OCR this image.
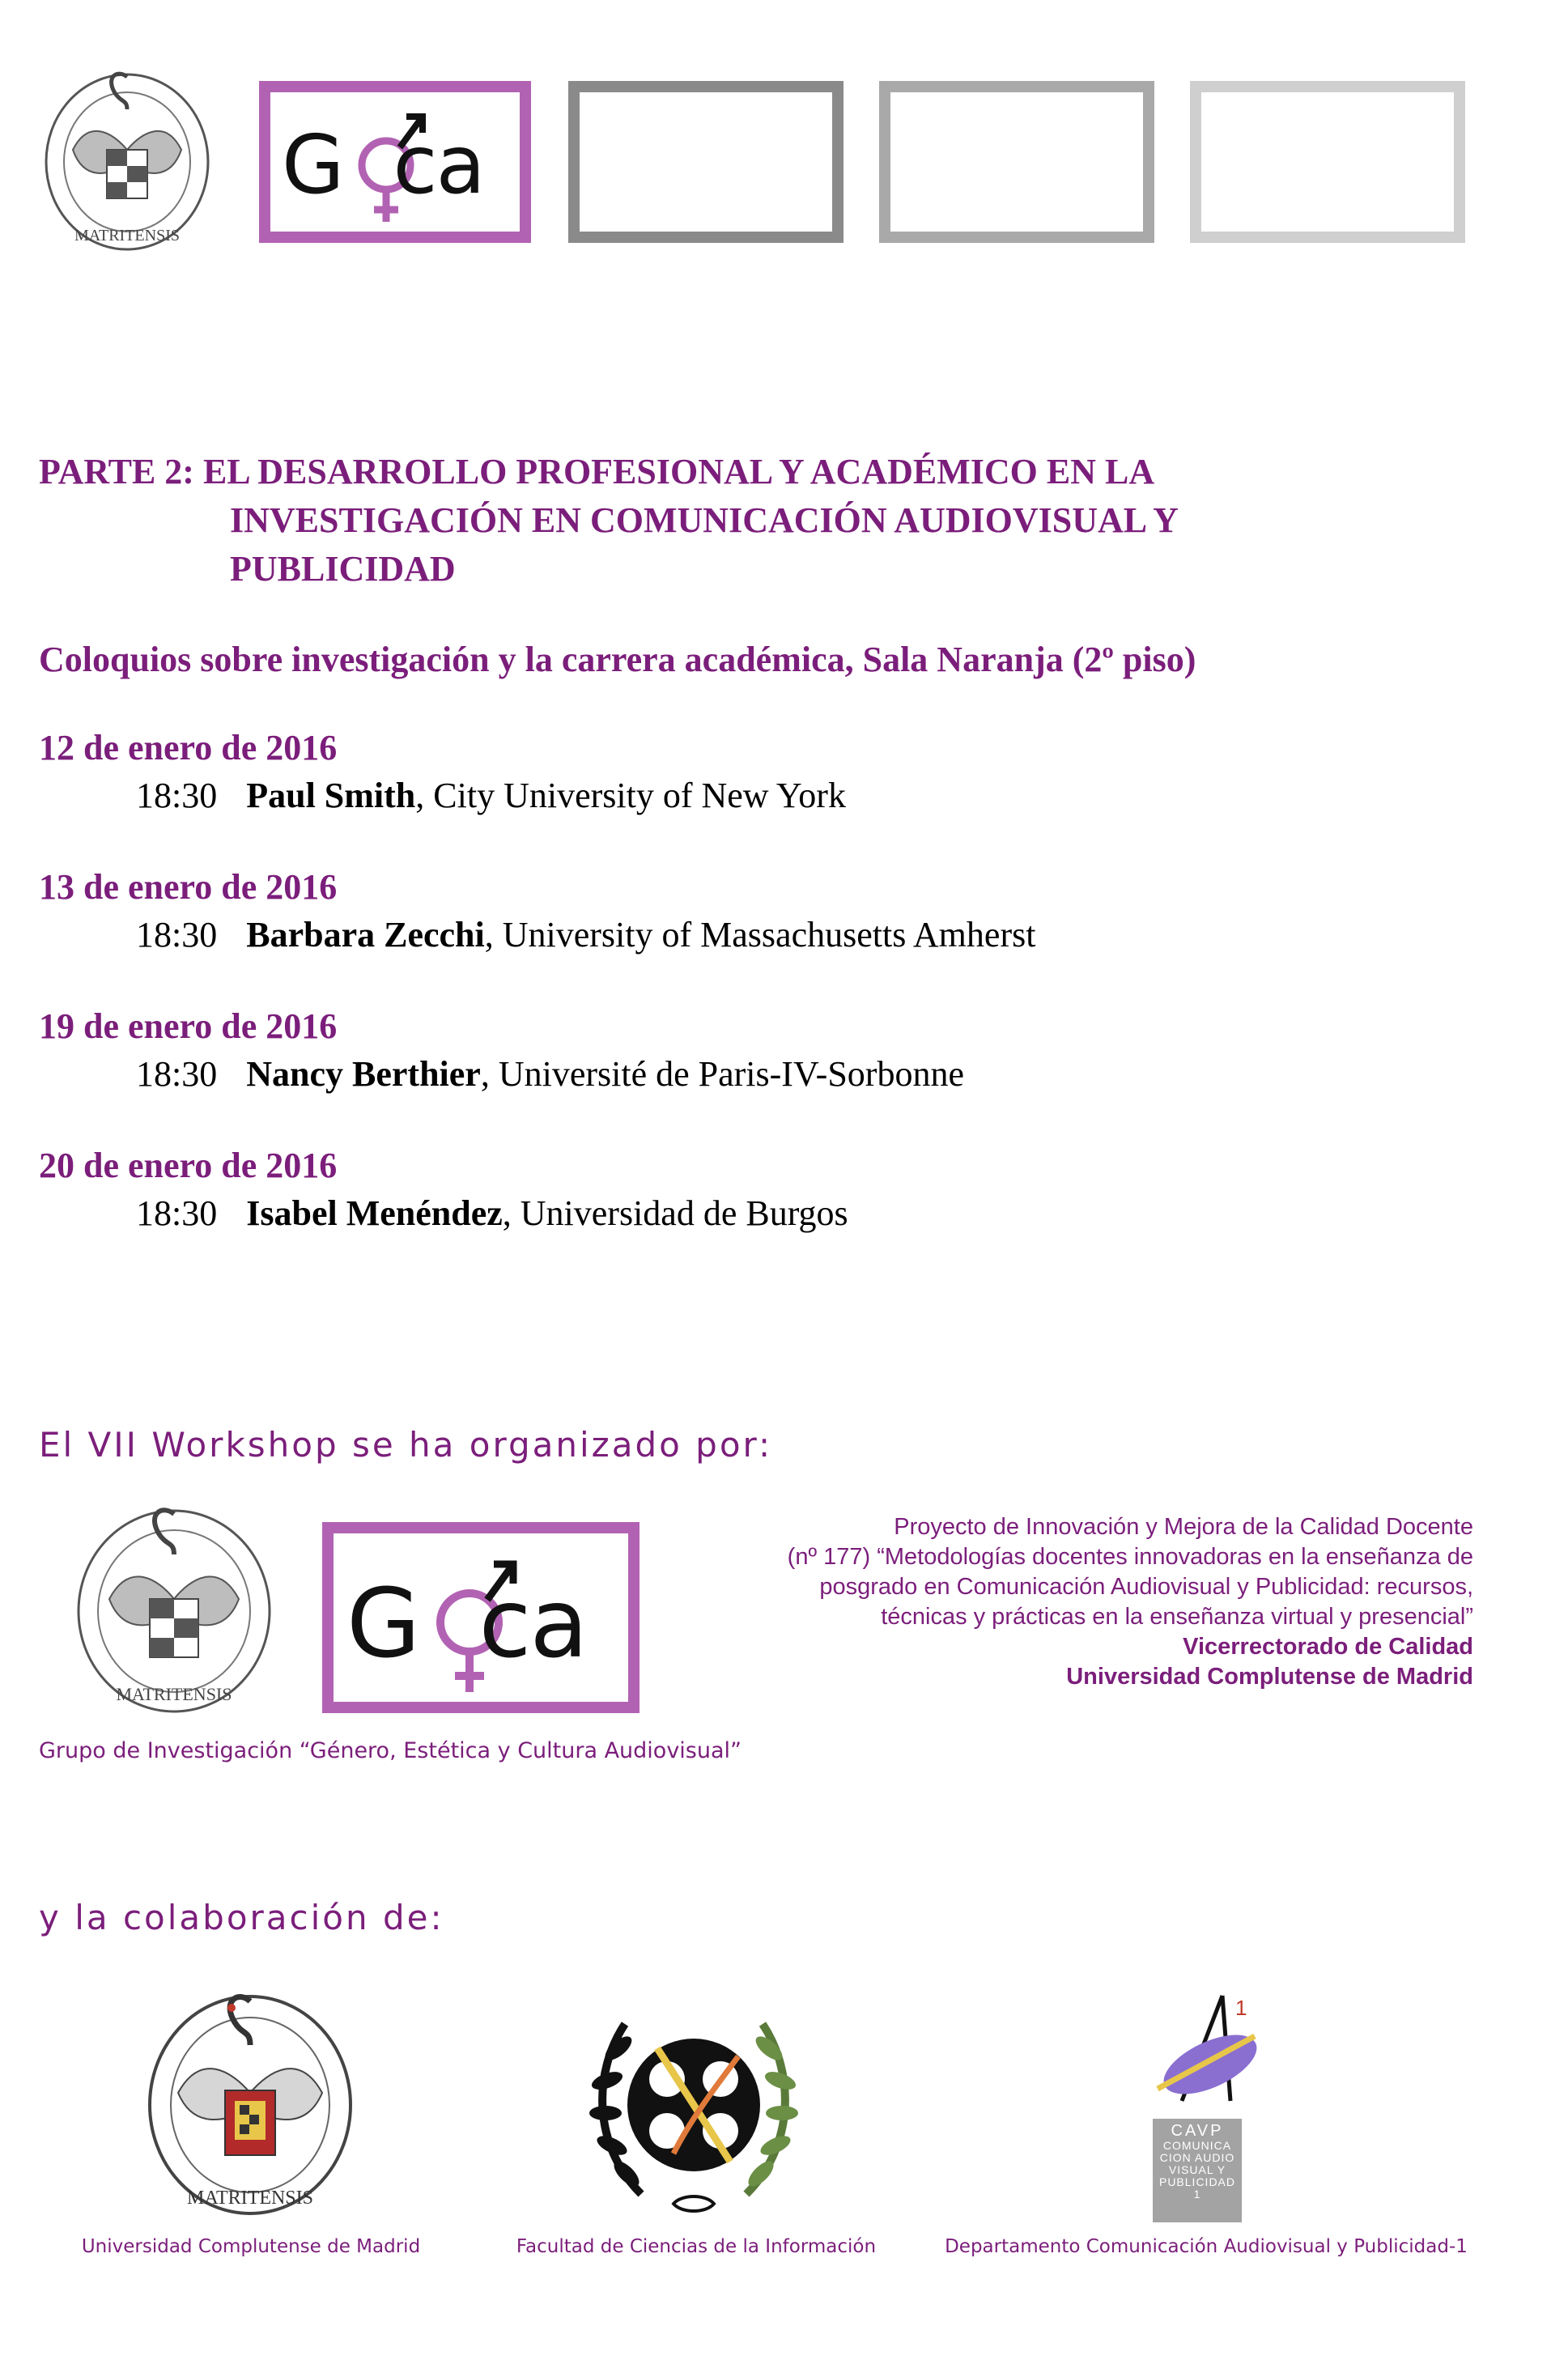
MATRITENSIS
G ca
PARTE 2: EL DESARROLLO PROFESIONAL Y ACADÉMICO EN LA
INVESTIGACIÓN EN COMUNICACIÓN AUDIOVISUAL Y
PUBLICIDAD
Coloquios sobre investigación y la carrera académica, Sala Naranja (2º piso)
12 de enero de 2016
18:30 Paul Smith, City University of New York
13 de enero de 2016
18:30 Barbara Zecchi, University of Massachusetts Amherst
19 de enero de 2016
18:30 Nancy Berthier, Université de Paris-IV-Sorbonne
20 de enero de 2016
18:30 Isabel Menéndez, Universidad de Burgos
El VII Workshop se ha organizado por:
MATRITENSIS
G ca
Proyecto de Innovación y Mejora de la Calidad Docente
(nº 177) “Metodologías docentes innovadoras en la enseñanza de
posgrado en Comunicación Audiovisual y Publicidad: recursos,
técnicas y prácticas en la enseñanza virtual y presencial”
Vicerrectorado de Calidad
Universidad Complutense de Madrid
Grupo de Investigación “Género, Estética y Cultura Audiovisual”
y la colaboración de:
MATRITENSIS
1
CAVP
COMUNICA
CION AUDIO
VISUAL Y
PUBLICIDAD
1
Universidad Complutense de Madrid	Facultad de Ciencias de la Información	Departamento Comunicación Audiovisual y Publicidad-1
